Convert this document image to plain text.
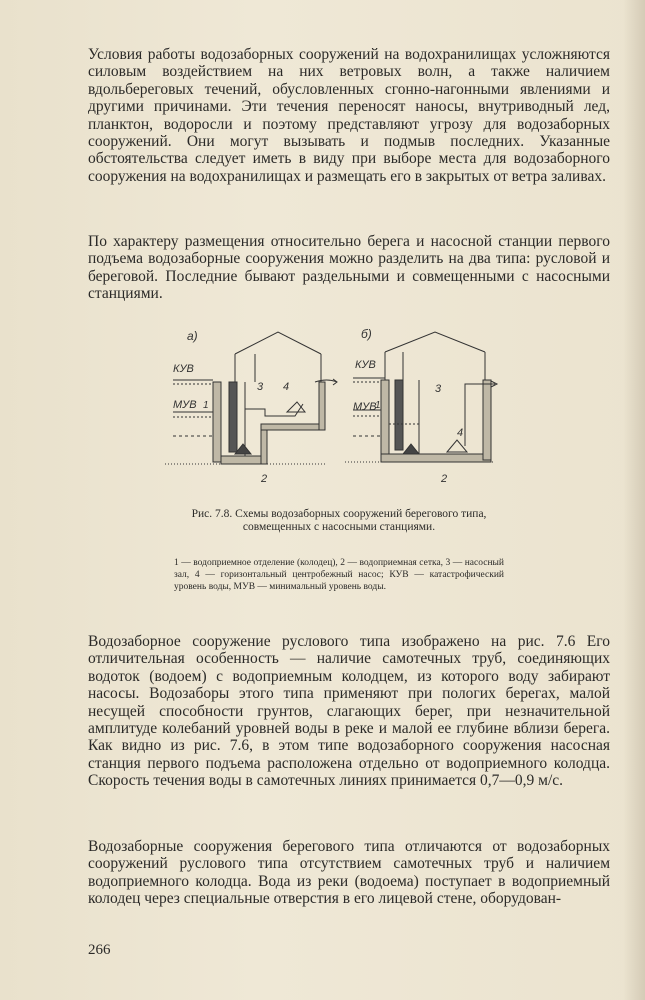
Условия работы водозаборных сооружений на водохранилищах усложняются силовым воздействием на них ветровых волн, а также наличием вдольбереговых течений, обусловленных сгонно-нагонными явлениями и другими причинами. Эти течения переносят наносы, внутриводный лед, планктон, водоросли и поэтому представляют угрозу для водозаборных сооружений. Они могут вызывать и подмыв последних. Указанные обстоятельства следует иметь в виду при выборе места для водозаборного сооружения на водохранилищах и размещать его в закрытых от ветра заливах.

По характеру размещения относительно берега и насосной станции первого подъема водозаборные сооружения можно разделить на два типа: русловой и береговой. Последние бывают раздельными и совмещенными с насосными станциями.

а)
КУВ
МУВ 1
3 4
2
б)
КУВ
МУВ
1
3
4
2
Рис. 7.8. Схемы водозаборных сооружений берегового типа, совмещенных с насосными станциями.
1 — водоприемное отделение (колодец), 2 — водоприемная сетка, 3 — насосный зал, 4 — горизонтальный центробежный насос; КУВ — катастрофический уровень воды, МУВ — минимальный уровень воды.

Водозаборное сооружение руслового типа изображено на рис. 7.6 Его отличительная особенность — наличие самотечных труб, соединяющих водоток (водоем) с водоприемным колодцем, из которого воду забирают насосы. Водозаборы этого типа применяют при пологих берегах, малой несущей способности грунтов, слагающих берег, при незначительной амплитуде колебаний уровней воды в реке и малой ее глубине вблизи берега. Как видно из рис. 7.6, в этом типе водозаборного сооружения насосная станция первого подъема расположена отдельно от водоприемного колодца. Скорость течения воды в самотечных линиях принимается 0,7—0,9 м/с.

Водозаборные сооружения берегового типа отличаются от водозаборных сооружений руслового типа отсутствием самотечных труб и наличием водоприемного колодца. Вода из реки (водоема) поступает в водоприемный колодец через специальные отверстия в его лицевой стене, оборудован-

266
